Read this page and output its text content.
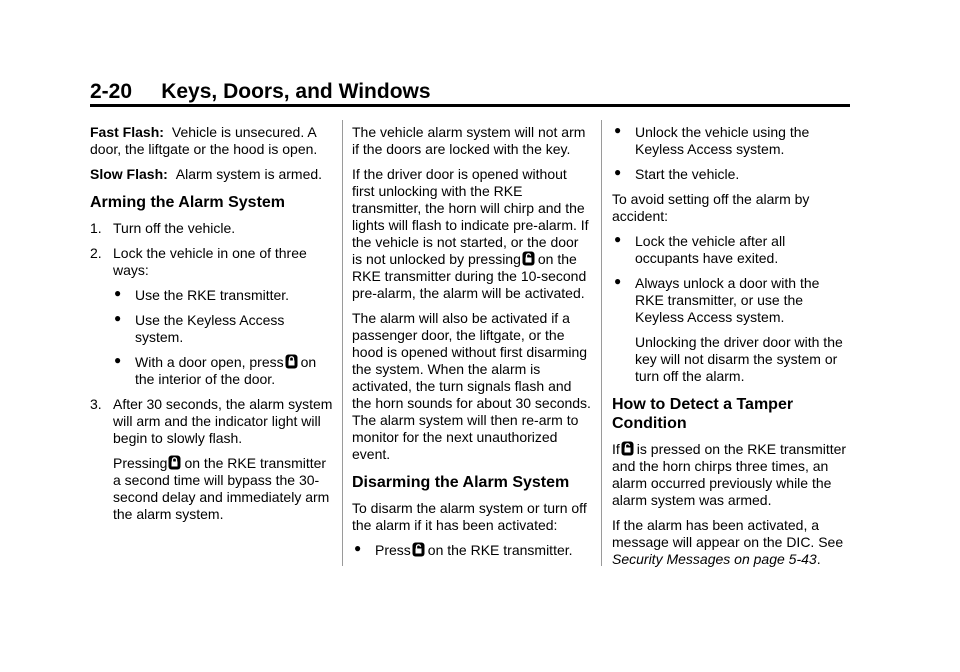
2-20     Keys, Doors, and Windows

Fast Flash: Vehicle is unsecured. A door, the liftgate or the hood is open.

Slow Flash: Alarm system is armed.

Arming the Alarm System
1. Turn off the vehicle.
2. Lock the vehicle in one of three ways:
● Use the RKE transmitter.
● Use the Keyless Access system.
● With a door open, press on the interior of the door.
3. After 30 seconds, the alarm system will arm and the indicator light will begin to slowly flash.

Pressing on the RKE transmitter a second time will bypass the 30-second delay and immediately arm the alarm system.

The vehicle alarm system will not arm if the doors are locked with the key.

If the driver door is opened without first unlocking with the RKE transmitter, the horn will chirp and the lights will flash to indicate pre-alarm. If the vehicle is not started, or the door is not unlocked by pressing on the RKE transmitter during the 10-second pre-alarm, the alarm will be activated.

The alarm will also be activated if a passenger door, the liftgate, or the hood is opened without first disarming the system. When the alarm is activated, the turn signals flash and the horn sounds for about 30 seconds. The alarm system will then re-arm to monitor for the next unauthorized event.

Disarming the Alarm System

To disarm the alarm system or turn off the alarm if it has been activated:

● Press on the RKE transmitter.
● Unlock the vehicle using the Keyless Access system.
● Start the vehicle.

To avoid setting off the alarm by accident:

● Lock the vehicle after all occupants have exited.
● Always unlock a door with the RKE transmitter, or use the Keyless Access system.

Unlocking the driver door with the key will not disarm the system or turn off the alarm.

How to Detect a Tamper Condition

If is pressed on the RKE transmitter and the horn chirps three times, an alarm occurred previously while the alarm system was armed.

If the alarm has been activated, a message will appear on the DIC. See Security Messages on page 5-43.
